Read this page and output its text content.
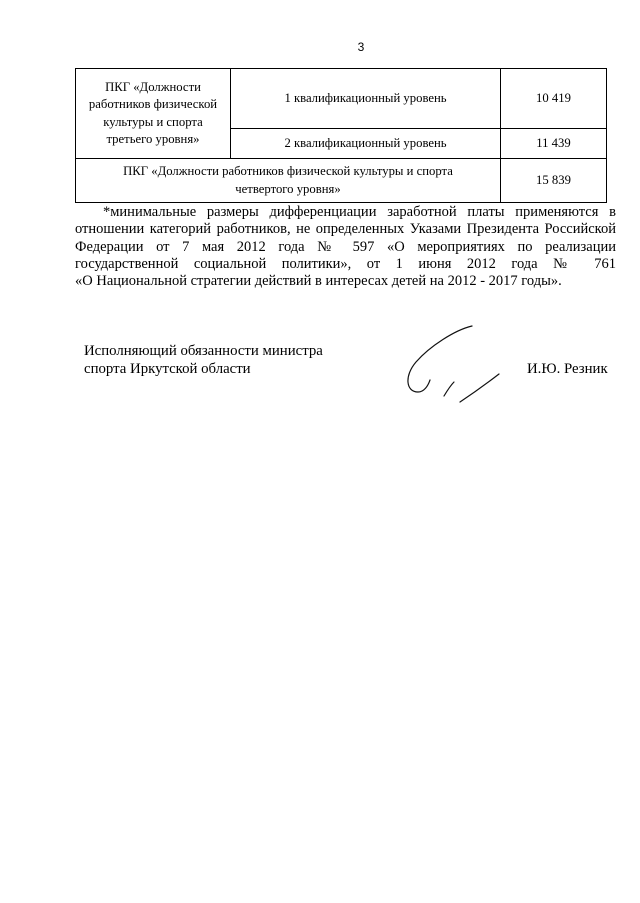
3
ПКГ «Должности
работников физической
культуры и спорта
третьего уровня»	1 квалификационный уровень	10 419
	2 квалификационный уровень	11 439

ПКГ «Должности работников физической культуры и спорта
четвертого уровня»		15 839
*минимальные размеры дифференциации заработной платы применяются в
отношении категорий работников, не определенных Указами Президента Российской
Федерации от 7 мая 2012 года № 597 «О мероприятиях по реализации
государственной социальной политики», от 1 июня 2012 года № 761
«О Национальной стратегии действий в интересах детей на 2012 - 2017 годы».
Исполняющий обязанности министра
спорта Иркутской области	И.Ю. Резник
